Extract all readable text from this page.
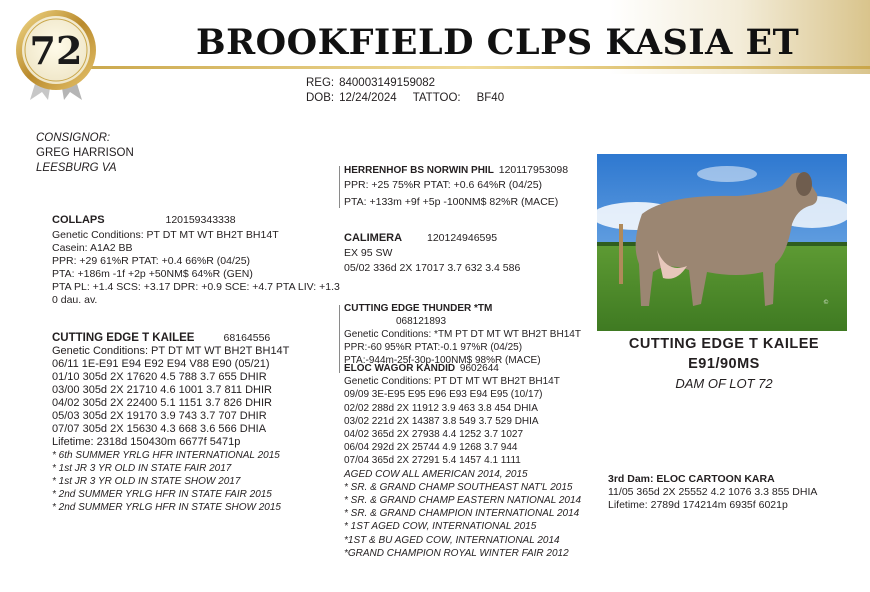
72	BROOKFIELD CLPS KASIA ET
REG: 840003149159082
DOB: 12/24/2024 TATTOO: BF40
CONSIGNOR:
GREG HARRISON
LEESBURG VA
COLLAPS	120159343338
Genetic Conditions: PT DT MT WT BH2T BH14T
Casein: A1A2 BB
PPR: +29 61%R PTAT: +0.4 66%R (04/25)
PTA: +186m -1f +2p +50NM$ 64%R (GEN)
PTA PL: +1.4 SCS: +3.17 DPR: +0.9 SCE: +4.7 PTA LIV: +1.3
0 dau. av.
CUTTING EDGE T KAILEE	68164556
Genetic Conditions: PT DT MT WT BH2T BH14T
06/11 1E-E91 E94 E92 E94 V88 E90 (05/21)
01/10 305d 2X 17620 4.5 788 3.7 655 DHIR
03/00 305d 2X 21710 4.6 1001 3.7 811 DHIR
04/02 305d 2X 22400 5.1 1151 3.7 826 DHIR
05/03 305d 2X 19170 3.9 743 3.7 707 DHIR
07/07 305d 2X 15630 4.3 668 3.6 566 DHIA
Lifetime: 2318d 150430m 6677f 5471p
* 6th SUMMER YRLG HFR INTERNATIONAL 2015
* 1st JR 3 YR OLD IN STATE FAIR 2017
* 1st JR 3 YR OLD IN STATE SHOW 2017
* 2nd SUMMER YRLG HFR IN STATE FAIR 2015
* 2nd SUMMER YRLG HFR IN STATE SHOW 2015
HERRENHOF BS NORWIN PHIL 120117953098
PPR: +25 75%R PTAT: +0.6 64%R (04/25)
PTA: +133m +9f +5p -100NM$ 82%R (MACE)
CALIMERA 120124946595
EX 95 SW
05/02 336d 2X 17017 3.7 632 3.4 586
CUTTING EDGE THUNDER *TM 068121893
Genetic Conditions: *TM PT DT MT WT BH2T BH14T
PPR:-60 95%R PTAT:-0.1 97%R (04/25)
PTA:-944m-25f-30p-100NM$ 98%R (MACE)
ELOC WAGOR KANDID 9602644
Genetic Conditions: PT DT MT WT BH2T BH14T
09/09 3E-E95 E95 E96 E93 E94 E95 (10/17)
02/02 288d 2X 11912 3.9 463 3.8 454 DHIA
03/02 221d 2X 14387 3.8 549 3.7 529 DHIA
04/02 365d 2X 27938 4.4 1252 3.7 1027
06/04 292d 2X 25744 4.9 1268 3.7 944
07/04 365d 2X 27291 5.4 1457 4.1 1111
AGED COW ALL AMERICAN 2014, 2015
* SR. & GRAND CHAMP SOUTHEAST NAT'L 2015
* SR. & GRAND CHAMP EASTERN NATIONAL 2014
* SR. & GRAND CHAMPION INTERNATIONAL 2014
* 1ST AGED COW, INTERNATIONAL 2015
*1ST & BU AGED COW, INTERNATIONAL 2014
*GRAND CHAMPION ROYAL WINTER FAIR 2012
©
CUTTING EDGE T KAILEE
E91/90MS
DAM OF LOT 72
3rd Dam: ELOC CARTOON KARA
11/05 365d 2X 25552 4.2 1076 3.3 855 DHIA
Lifetime: 2789d 174214m 6935f 6021p
